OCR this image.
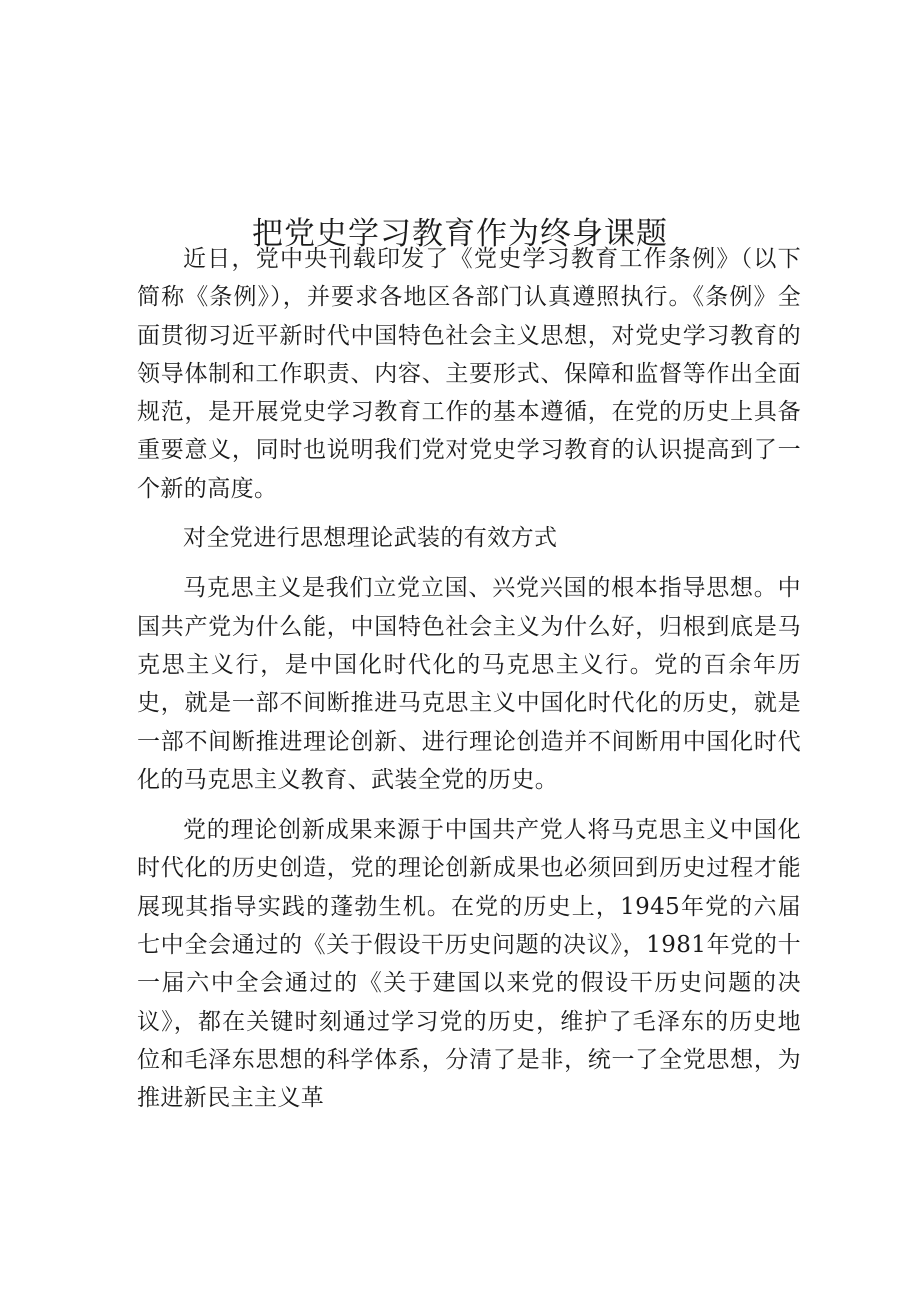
把党史学习教育作为终身课题

近日，党中央刊载印发了《党史学习教育工作条例》（以下简称《条例》），并要求各地区各部门认真遵照执行。《条例》全面贯彻习近平新时代中国特色社会主义思想，对党史学习教育的领导体制和工作职责、内容、主要形式、保障和监督等作出全面规范，是开展党史学习教育工作的基本遵循，在党的历史上具备重要意义，同时也说明我们党对党史学习教育的认识提高到了一个新的高度。

对全党进行思想理论武装的有效方式

马克思主义是我们立党立国、兴党兴国的根本指导思想。中国共产党为什么能，中国特色社会主义为什么好，归根到底是马克思主义行，是中国化时代化的马克思主义行。党的百余年历史，就是一部不间断推进马克思主义中国化时代化的历史，就是一部不间断推进理论创新、进行理论创造并不间断用中国化时代化的马克思主义教育、武装全党的历史。

党的理论创新成果来源于中国共产党人将马克思主义中国化时代化的历史创造，党的理论创新成果也必须回到历史过程才能展现其指导实践的蓬勃生机。在党的历史上，1945年党的六届七中全会通过的《关于假设干历史问题的决议》，1981年党的十一届六中全会通过的《关于建国以来党的假设干历史问题的决议》，都在关键时刻通过学习党的历史，维护了毛泽东的历史地位和毛泽东思想的科学体系，分清了是非，统一了全党思想，为推进新民主主义革
